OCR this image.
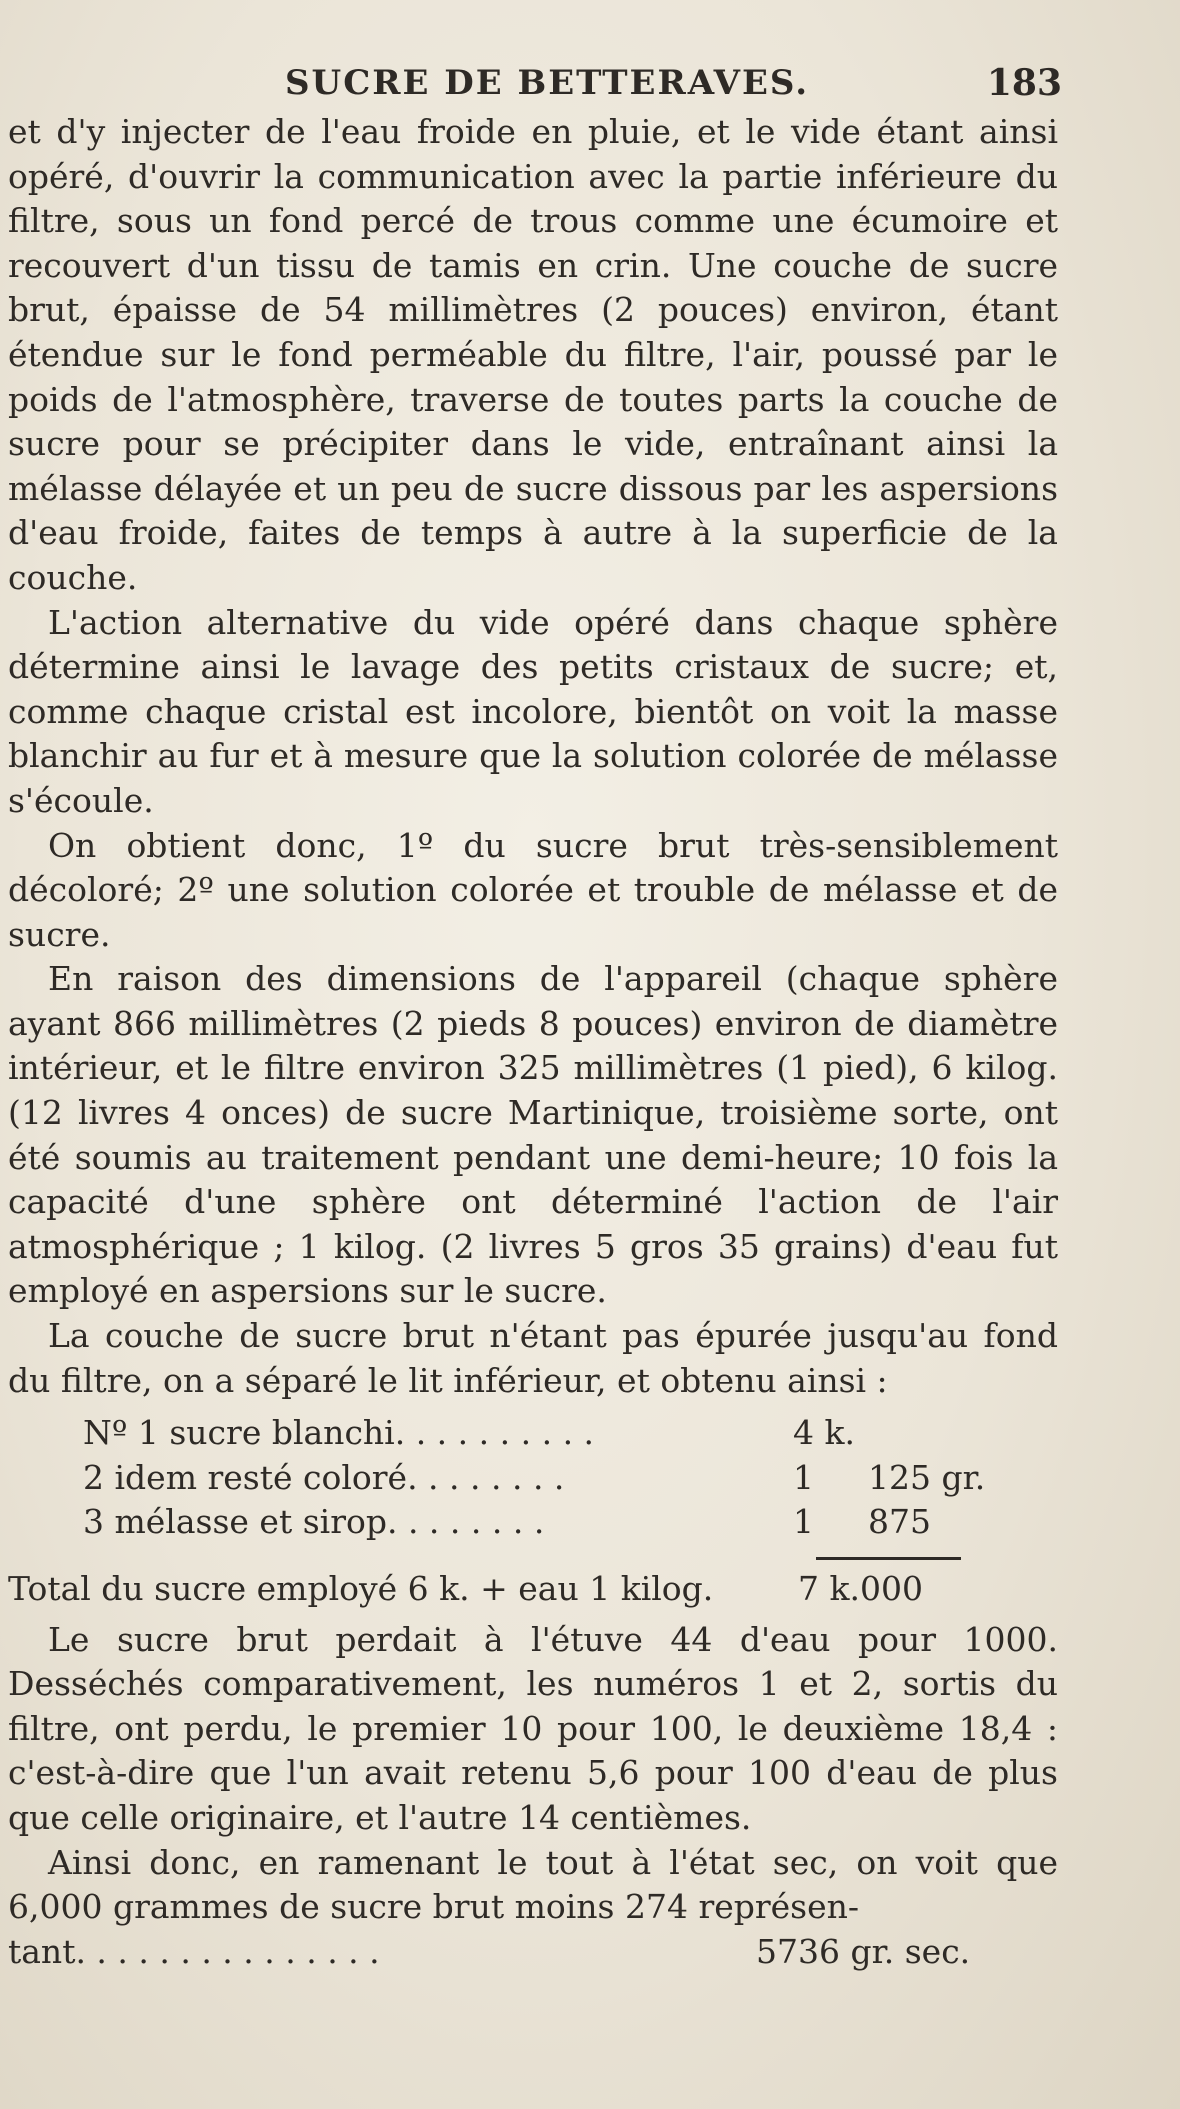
SUCRE DE BETTERAVES.	183

et d'y injecter de l'eau froide en pluie, et le vide étant ainsi opéré, d'ouvrir la communication avec la partie inférieure du filtre, sous un fond percé de trous comme une écumoire et recouvert d'un tissu de tamis en crin. Une couche de sucre brut, épaisse de 54 millimètres (2 pouces) environ, étant étendue sur le fond perméable du filtre, l'air, poussé par le poids de l'atmosphère, traverse de toutes parts la couche de sucre pour se précipiter dans le vide, entraînant ainsi la mélasse délayée et un peu de sucre dissous par les aspersions d'eau froide, faites de temps à autre à la superficie de la couche.

L'action alternative du vide opéré dans chaque sphère détermine ainsi le lavage des petits cristaux de sucre; et, comme chaque cristal est incolore, bientôt on voit la masse blanchir au fur et à mesure que la solution colorée de mélasse s'écoule.

On obtient donc, 1º du sucre brut très-sensiblement décoloré; 2º une solution colorée et trouble de mélasse et de sucre.

En raison des dimensions de l'appareil (chaque sphère ayant 866 millimètres (2 pieds 8 pouces) environ de diamètre intérieur, et le filtre environ 325 millimètres (1 pied), 6 kilog. (12 livres 4 onces) de sucre Martinique, troisième sorte, ont été soumis au traitement pendant une demi-heure; 10 fois la capacité d'une sphère ont déterminé l'action de l'air atmosphérique ; 1 kilog. (2 livres 5 gros 35 grains) d'eau fut employé en aspersions sur le sucre.

La couche de sucre brut n'étant pas épurée jusqu'au fond du filtre, on a séparé le lit inférieur, et obtenu ainsi :

Nº 1 sucre blanchi. . . . . . . . . .	4 k.
2 idem resté coloré. . . . . . . .	1 125 gr.
3 mélasse et sirop. . . . . . . .	1 875
Total du sucre employé 6 k. + eau 1 kilog.	7 k.000

Le sucre brut perdait à l'étuve 44 d'eau pour 1000. Desséchés comparativement, les numéros 1 et 2, sortis du filtre, ont perdu, le premier 10 pour 100, le deuxième 18,4 : c'est-à-dire que l'un avait retenu 5,6 pour 100 d'eau de plus que celle originaire, et l'autre 14 centièmes.

Ainsi donc, en ramenant le tout à l'état sec, on voit que 6,000 grammes de sucre brut moins 274 représen-

tant. . . . . . . . . . . . . . .	5736 gr. sec.
